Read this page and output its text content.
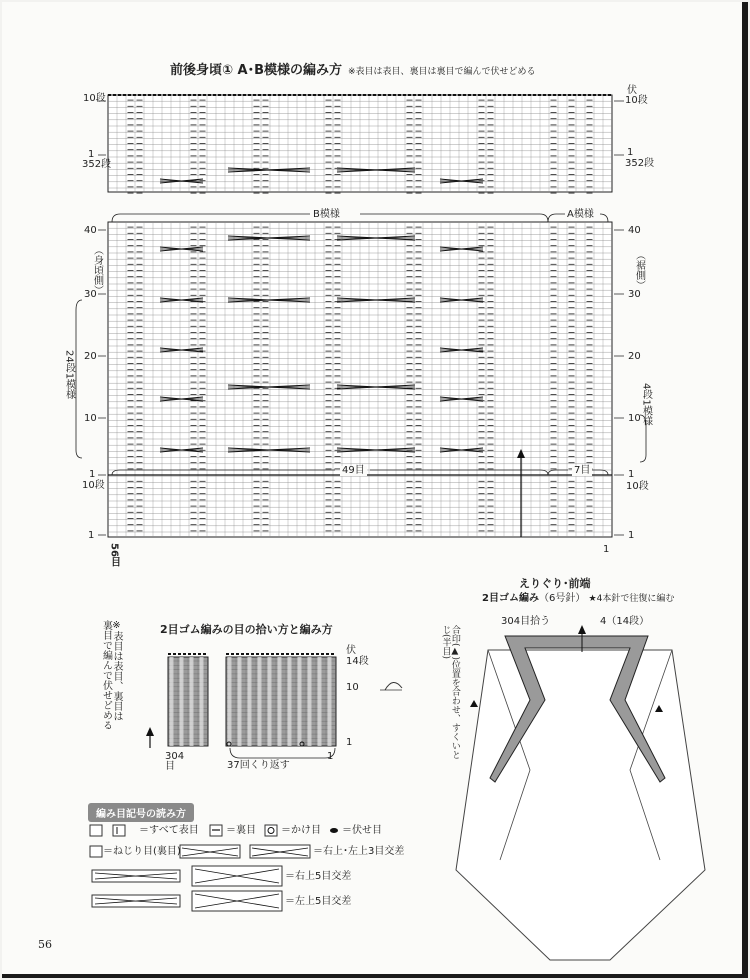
前後身頃① A･B模様の編み方 ※表目は表目、裏目は裏目で編んで伏せどめる
10段
1
352段
伏
10段
1
352段
B模様	A模様
40
30
20
10
1
40
30
20
10
1
（身頃側）	（裾側）
24段1模様
4段1模様
49目	7目
10段
1
10段
1
56目	1
2目ゴム編みの目の拾い方と編み方
※表目は表目、裏目は裏目で編んで伏せどめる	伏
14段
10
1
304目
1
37回くり返す
えりぐり･前端
2目ゴム編み（6号針） ★4本針で往復に編む
304目拾う	4（14段）
合印(▲)位置を合わせ、すくいとじ(半目)
編み目記号の読み方
＝すべて表目	＝裏目	＝かけ目 ＝伏せ目
＝ねじり目(裏目)	＝右上･左上3目交差
＝右上5目交差
＝左上5目交差
56
